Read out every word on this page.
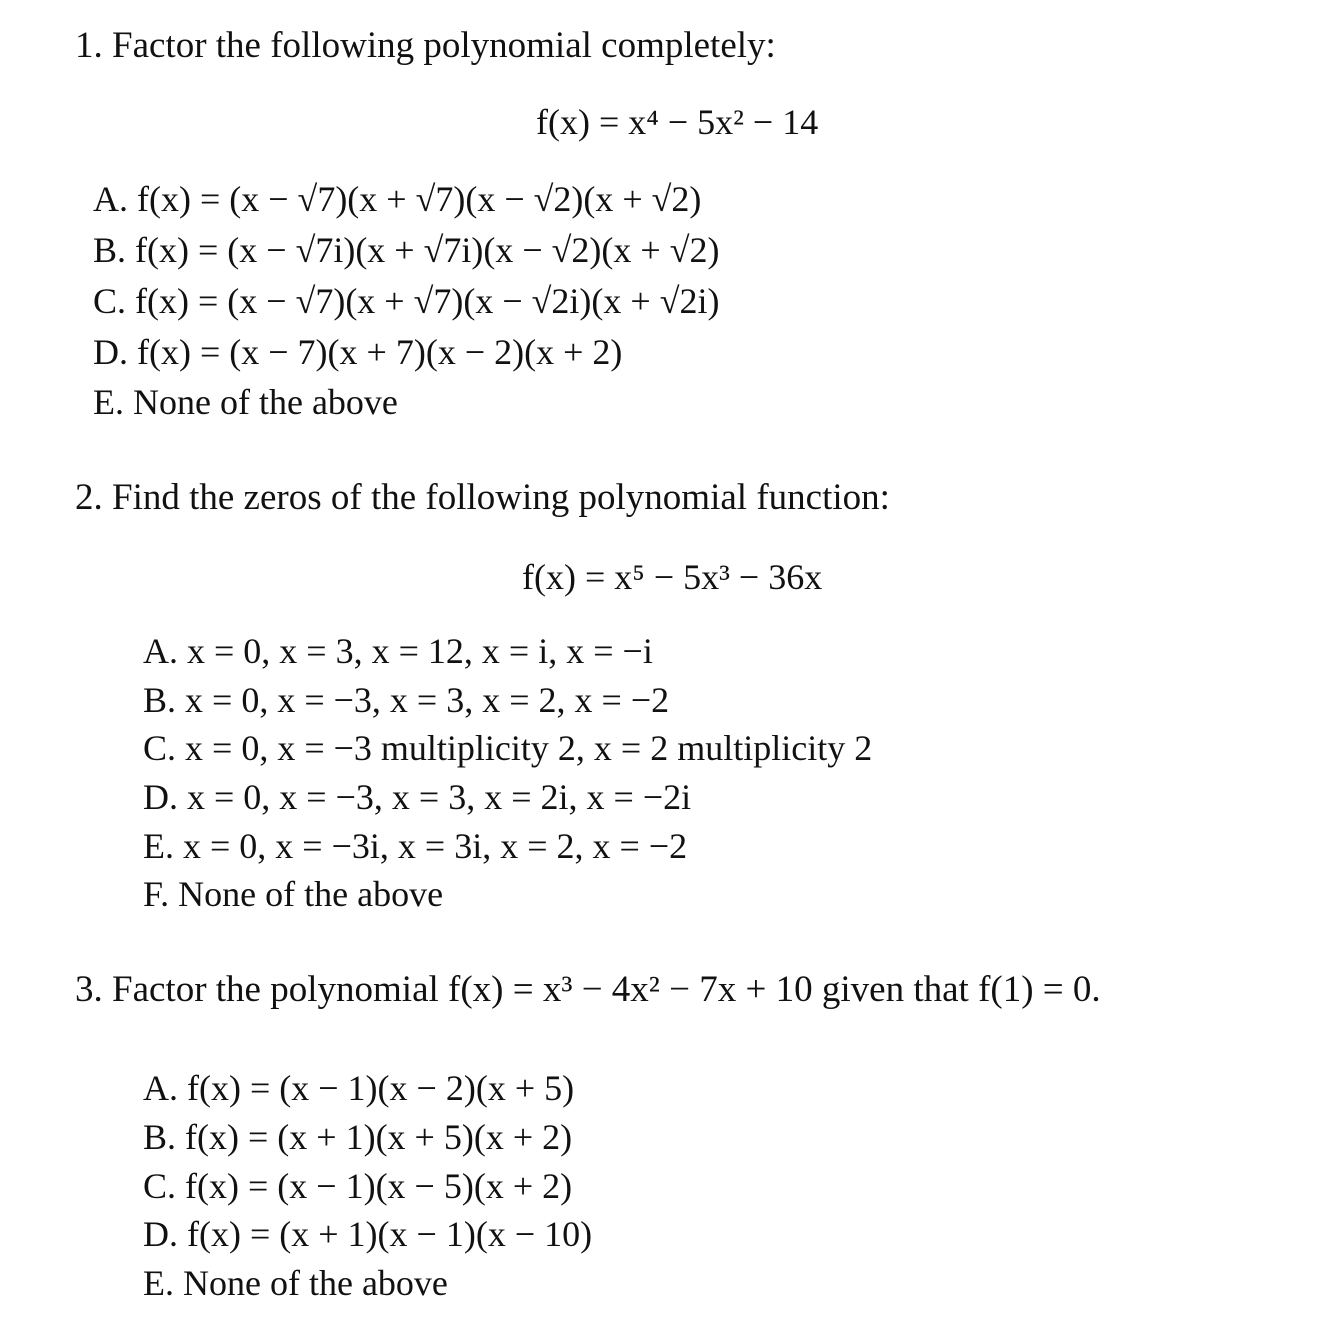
1. Factor the following polynomial completely:
f(x) = x⁴ − 5x² − 14
A. f(x) = (x − √7)(x + √7)(x − √2)(x + √2)
B. f(x) = (x − √7i)(x + √7i)(x − √2)(x + √2)
C. f(x) = (x − √7)(x + √7)(x − √2i)(x + √2i)
D. f(x) = (x − 7)(x + 7)(x − 2)(x + 2)
E. None of the above
2. Find the zeros of the following polynomial function:
f(x) = x⁵ − 5x³ − 36x
A. x = 0, x = 3, x = 12, x = i, x = −i
B. x = 0, x = −3, x = 3, x = 2, x = −2
C. x = 0, x = −3 multiplicity 2, x = 2 multiplicity 2
D. x = 0, x = −3, x = 3, x = 2i, x = −2i
E. x = 0, x = −3i, x = 3i, x = 2, x = −2
F. None of the above
3. Factor the polynomial f(x) = x³ − 4x² − 7x + 10 given that f(1) = 0.
A. f(x) = (x − 1)(x − 2)(x + 5)
B. f(x) = (x + 1)(x + 5)(x + 2)
C. f(x) = (x − 1)(x − 5)(x + 2)
D. f(x) = (x + 1)(x − 1)(x − 10)
E. None of the above
